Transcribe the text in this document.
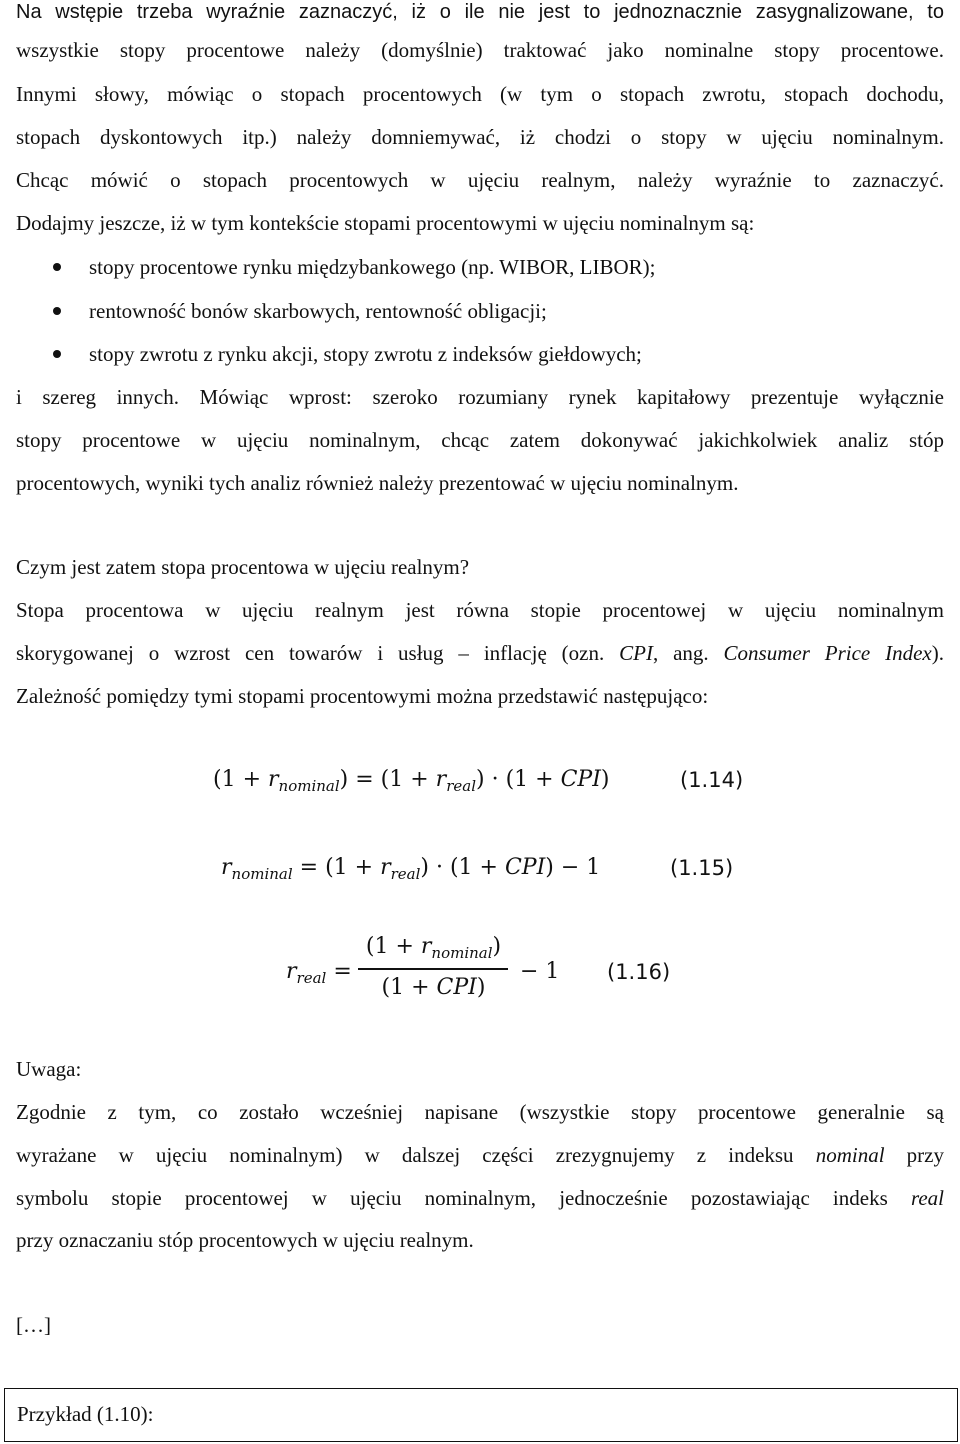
Na wstępie trzeba wyraźnie zaznaczyć, iż o ile nie jest to jednoznacznie zasygnalizowane, to
wszystkie stopy procentowe należy (domyślnie) traktować jako nominalne stopy procentowe.
Innymi słowy, mówiąc o stopach procentowych (w tym o stopach zwrotu, stopach dochodu,
stopach dyskontowych itp.) należy domniemywać, iż chodzi o stopy w ujęciu nominalnym.
Chcąc mówić o stopach procentowych w ujęciu realnym, należy wyraźnie to zaznaczyć.
Dodajmy jeszcze, iż w tym kontekście stopami procentowymi w ujęciu nominalnym są:
stopy procentowe rynku międzybankowego (np. WIBOR, LIBOR);
rentowność bonów skarbowych, rentowność obligacji;
stopy zwrotu z rynku akcji, stopy zwrotu z indeksów giełdowych;
i szereg innych. Mówiąc wprost: szeroko rozumiany rynek kapitałowy prezentuje wyłącznie
stopy procentowe w ujęciu nominalnym, chcąc zatem dokonywać jakichkolwiek analiz stóp
procentowych, wyniki tych analiz również należy prezentować w ujęciu nominalnym.
Czym jest zatem stopa procentowa w ujęciu realnym?
Stopa procentowa w ujęciu realnym jest równa stopie procentowej w ujęciu nominalnym
skorygowanej o wzrost cen towarów i usług – inflację (ozn. CPI, ang. Consumer Price Index).
Zależność pomiędzy tymi stopami procentowymi można przedstawić następująco:
$(1 + r_{nominal}) = (1 + r_{real}) \cdot (1 + CPI)$	(1.14)
$r_{nominal} = (1 + r_{real}) \cdot (1 + CPI) - 1$	(1.15)
$r_{real}$ =
$(1 + r_{nominal})$
(1 + CPI)
− 1 (1.16)
Uwaga:
Zgodnie z tym, co zostało wcześniej napisane (wszystkie stopy procentowe generalnie są
wyrażane w ujęciu nominalnym) w dalszej części zrezygnujemy z indeksu nominal przy
symbolu stopie procentowej w ujęciu nominalnym, jednocześnie pozostawiając indeks real
przy oznaczaniu stóp procentowych w ujęciu realnym.
[…]
Przykład (1.10):
